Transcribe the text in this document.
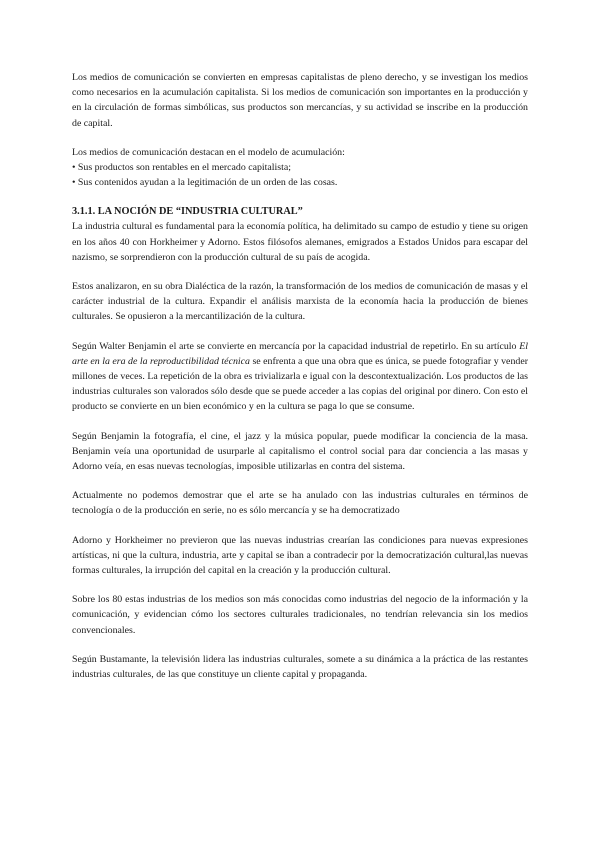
Los medios de comunicación se convierten en empresas capitalistas de pleno derecho, y se investigan los medios como necesarios en la acumulación capitalista. Si los medios de comunicación son importantes en la producción y en la circulación de formas simbólicas, sus productos son mercancías, y su actividad se inscribe en la producción de capital.

Los medios de comunicación destacan en el modelo de acumulación:
• Sus productos son rentables en el mercado capitalista;
• Sus contenidos ayudan a la legitimación de un orden de las cosas.
3.1.1. LA NOCIÓN DE “INDUSTRIA CULTURAL”

La industria cultural es fundamental para la economía política, ha delimitado su campo de estudio y tiene su origen en los años 40 con Horkheimer y Adorno. Estos filósofos alemanes, emigrados a Estados Unidos para escapar del nazismo, se sorprendieron con la producción cultural de su país de acogida.

Estos analizaron, en su obra Dialéctica de la razón, la transformación de los medios de comunicación de masas y el carácter industrial de la cultura. Expandir el análisis marxista de la economía hacia la producción de bienes culturales. Se opusieron a la mercantilización de la cultura.

Según Walter Benjamin el arte se convierte en mercancía por la capacidad industrial de repetirlo. En su artículo El arte en la era de la reproductibilidad técnica se enfrenta a que una obra que es única, se puede fotografiar y vender millones de veces. La repetición de la obra es trivializarla e igual con la descontextualización. Los productos de las industrias culturales son valorados sólo desde que se puede acceder a las copias del original por dinero. Con esto el producto se convierte en un bien económico y en la cultura se paga lo que se consume.

Según Benjamin la fotografía, el cine, el jazz y la música popular, puede modificar la conciencia de la masa. Benjamin veía una oportunidad de usurparle al capitalismo el control social para dar conciencia a las masas y Adorno veía, en esas nuevas tecnologías, imposible utilizarlas en contra del sistema.

Actualmente no podemos demostrar que el arte se ha anulado con las industrias culturales en términos de tecnología o de la producción en serie, no es sólo mercancía y se ha democratizado

Adorno y Horkheimer no previeron que las nuevas industrias crearían las condiciones para nuevas expresiones artísticas, ni que la cultura, industria, arte y capital se iban a contradecir por la democratización cultural,las nuevas formas culturales, la irrupción del capital en la creación y la producción cultural.

Sobre los 80 estas industrias de los medios son más conocidas como industrias del negocio de la información y la comunicación, y evidencian cómo los sectores culturales tradicionales, no tendrían relevancia sin los medios convencionales.

Según Bustamante, la televisión lidera las industrias culturales, somete a su dinámica a la práctica de las restantes industrias culturales, de las que constituye un cliente capital y propaganda.
